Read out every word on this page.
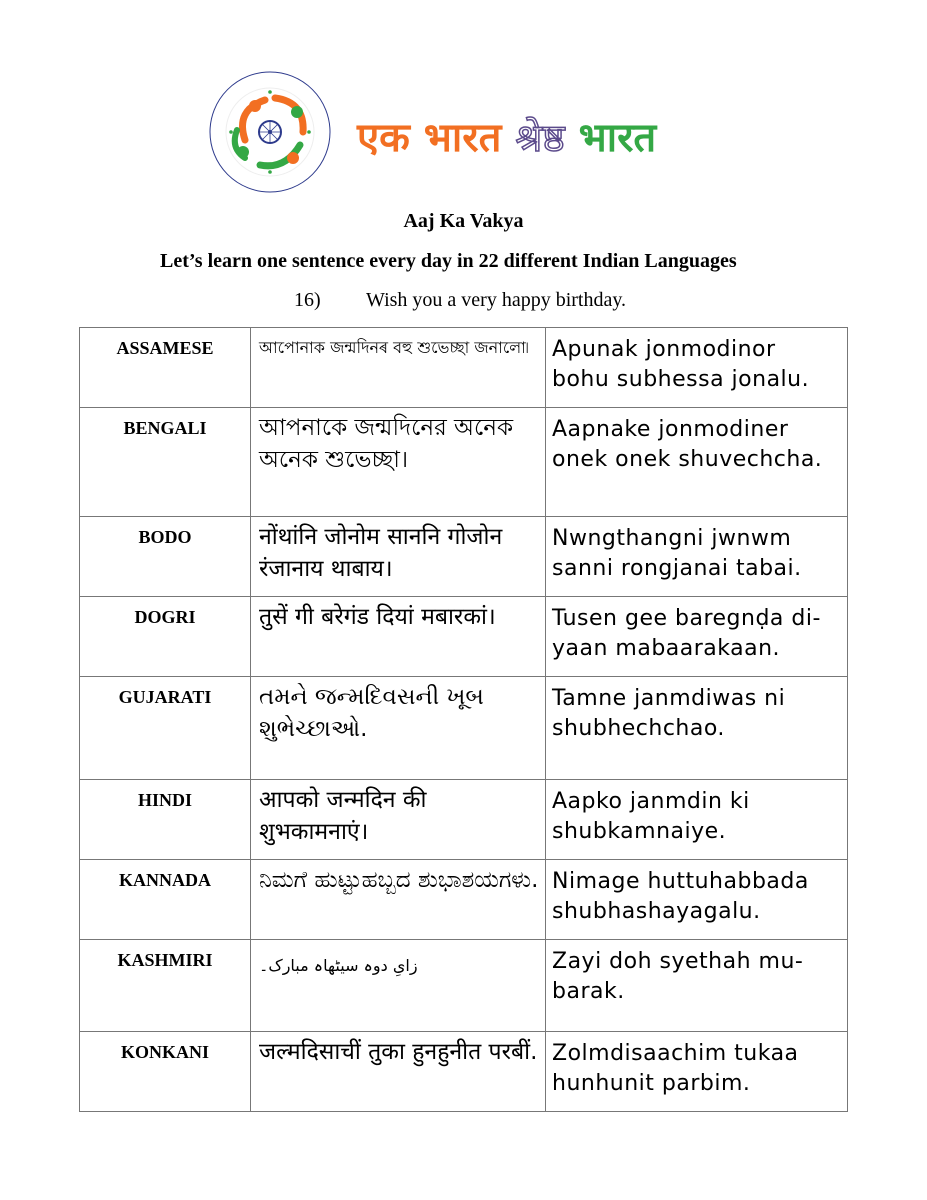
एक भारत श्रेष्ठ भारत
Aaj Ka Vakya
Let’s learn one sentence every day in 22 different Indian Languages
16) Wish you a very happy birthday.
ASSAMESE	আপোনাক জন্মদিনৰ বহু শুভেচ্ছা জনালো৷	Apunak jonmodinor bohu subhessa jonalu.
BENGALI	আপনাকে জন্মদিনের অনেক অনেক শুভেচ্ছা।	Aapnake jonmodiner onek onek shuvechcha.
BODO	नोंथांनि जोनोम साननि गोजोन रंजानाय थाबाय।	Nwngthangni jwnwm sanni rongjanai tabai.
DOGRI	तुसें गी बरेगंड दियां मबारकां।	Tusen gee baregnḍa di-yaan mabaarakaan.
GUJARATI	તમને જન્મદિવસની ખૂબ શુભેચ્છાઓ.	Tamne janmdiwas ni shubhechchao.
HINDI	आपको जन्मदिन की शुभकामनाएं।	Aapko janmdin ki shubkamnaiye.
KANNADA	ನಿಮಗೆ ಹುಟ್ಟುಹಬ್ಬದ ಶುಭಾಶಯಗಳು.	Nimage huttuhabbada shubhashayagalu.
KASHMIRI	زایِ دوہ سیٹھاہ مبارک۔	Zayi doh syethah mu-barak.
KONKANI	जल्मदिसाचीं तुका हुनहुनीत परबीं.	Zolmdisaachim tukaa hunhunit parbim.
